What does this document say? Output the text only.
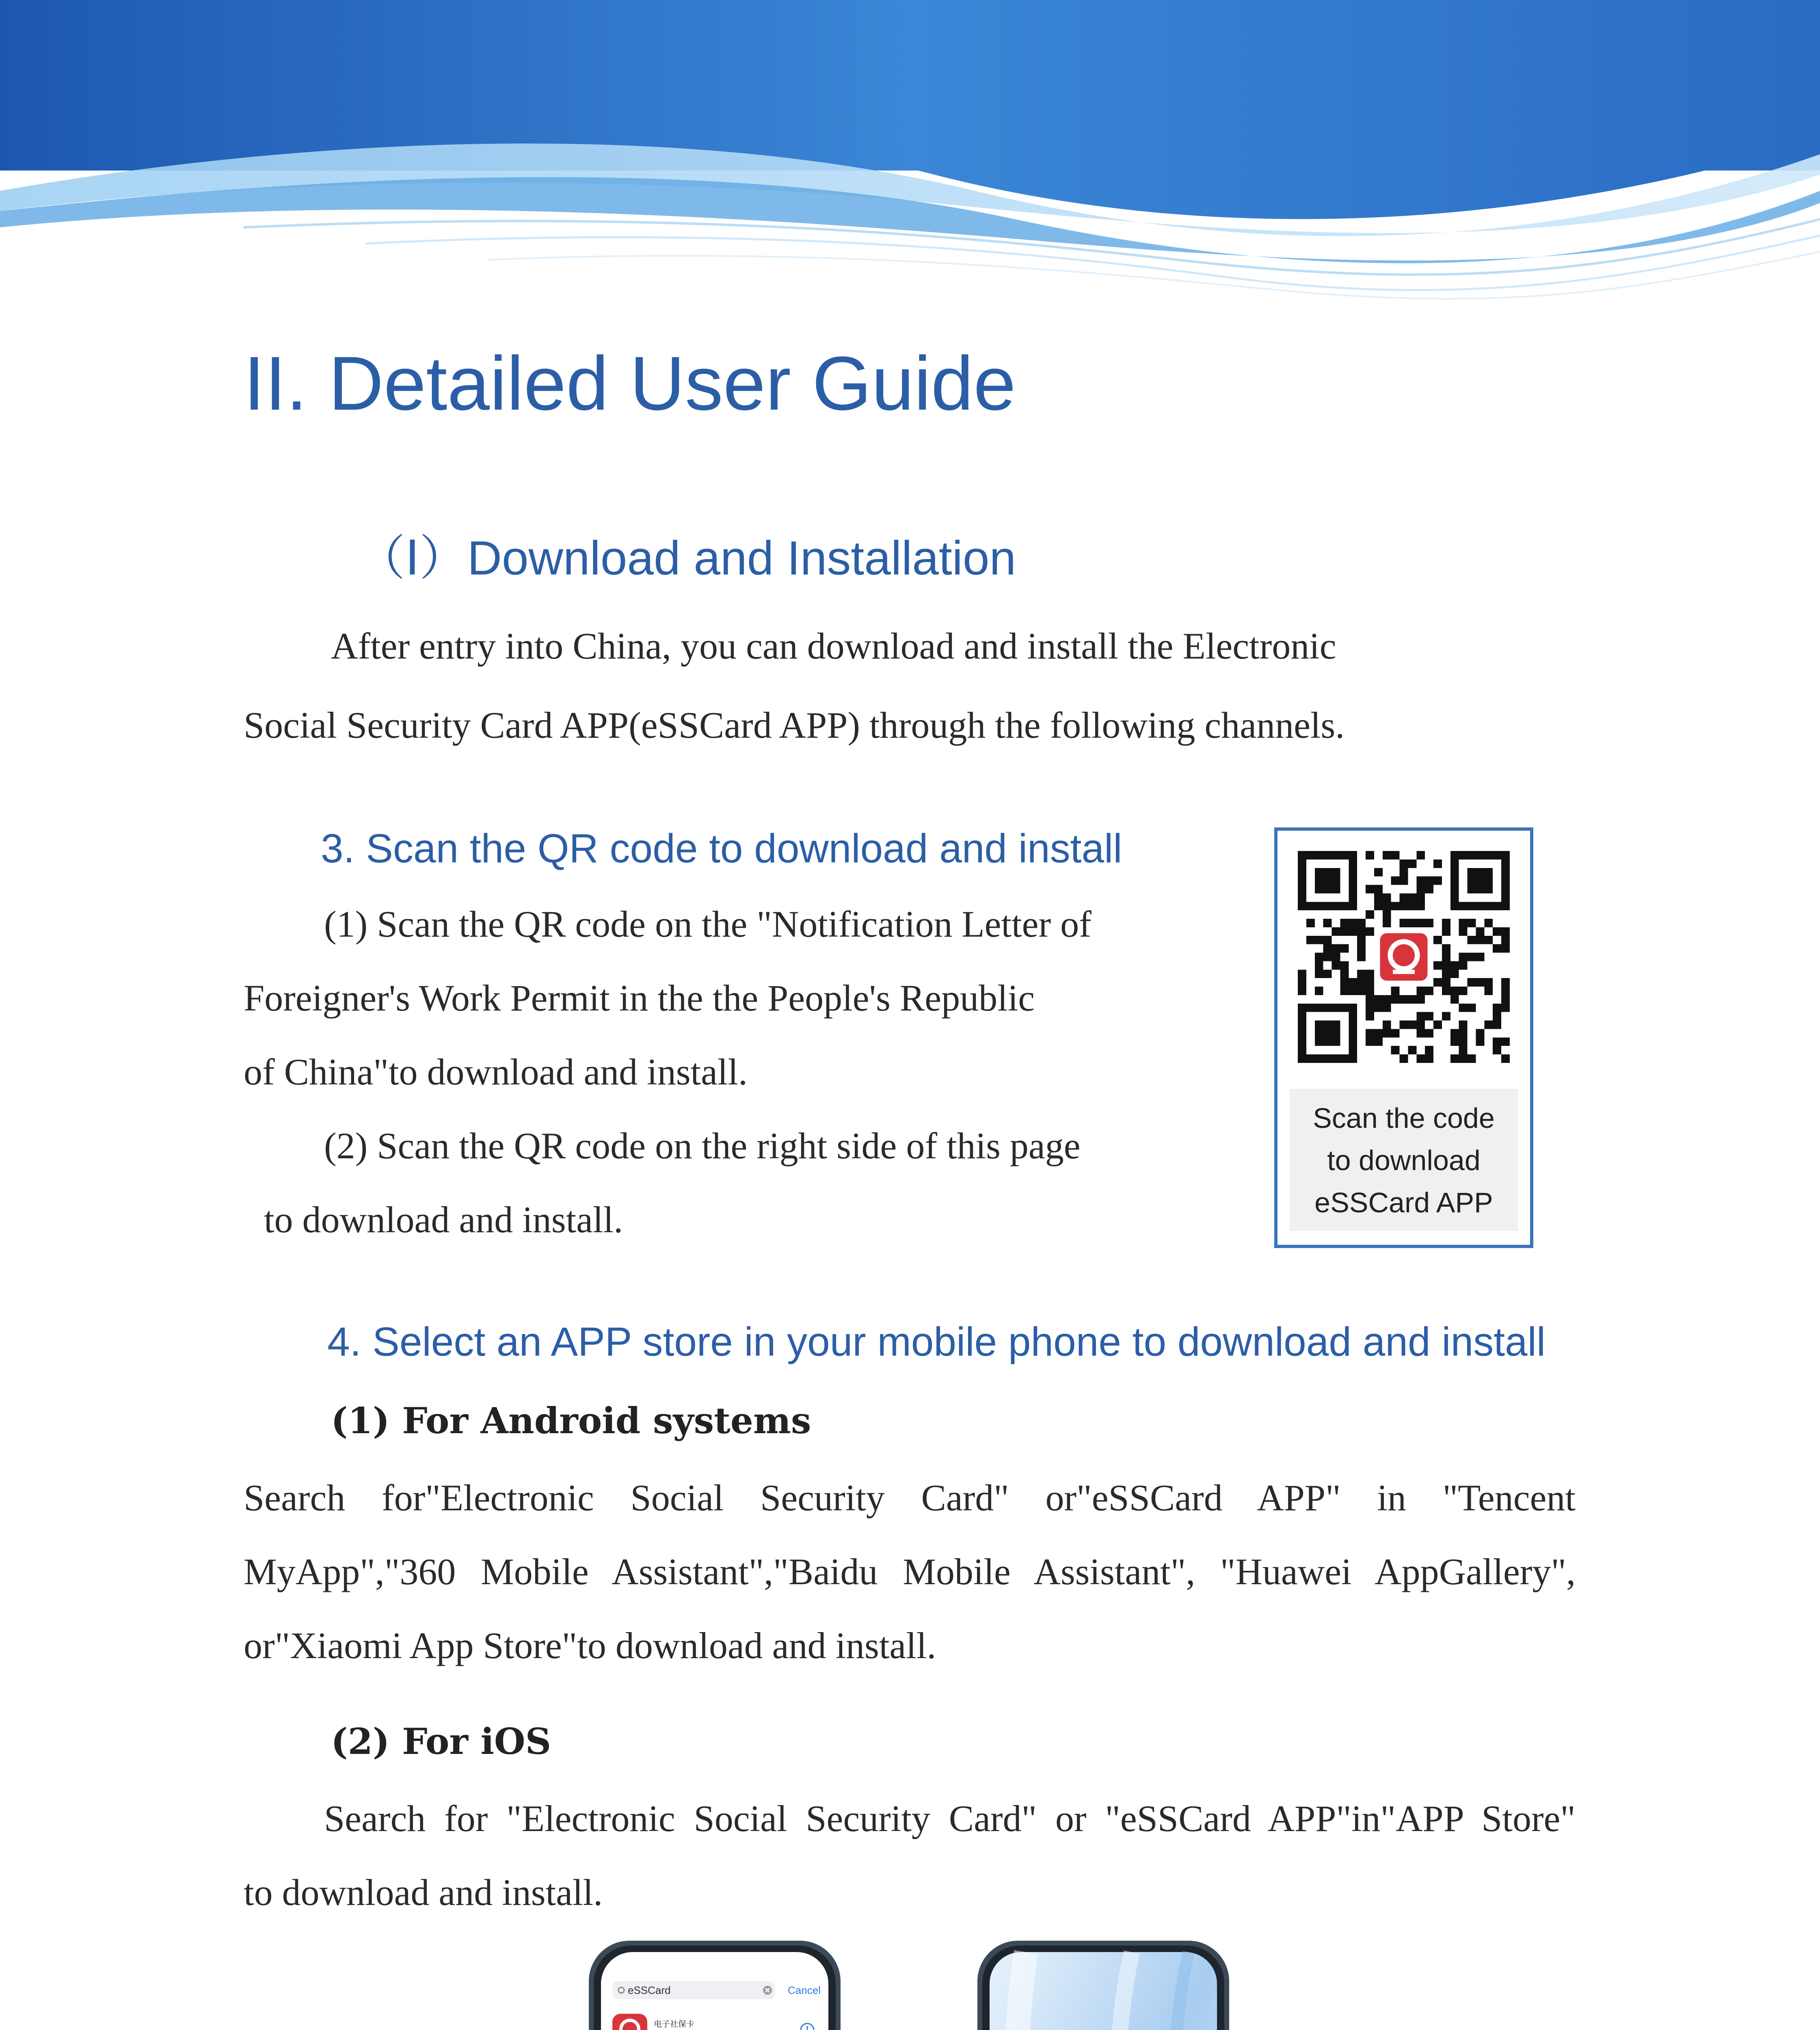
II. Detailed User Guide
（Ⅰ）Download and Installation
After entry into China, you can download and install the Electronic
Social Security Card APP(eSSCard APP) through the following channels.
3. Scan the QR code to download and install
(1) Scan the QR code on the "Notification Letter of
Foreigner's Work Permit in the the People's Republic
of China"to download and install.
(2) Scan the QR code on the right side of this page
to download and install.
Scan the code
to download
eSSCard APP
4. Select an APP store in your mobile phone to download and install
(1) For Android systems
Search for"Electronic Social Security Card" or"eSSCard APP" in "Tencent
MyApp","360 Mobile Assistant","Baidu Mobile Assistant", "Huawei AppGallery",
or"Xiaomi App Store"to download and install.
(2) For iOS
Search for "Electronic Social Security Card" or "eSSCard APP"in"APP Store"
to download and install.
eSSCard	Cancel
电子社保卡
